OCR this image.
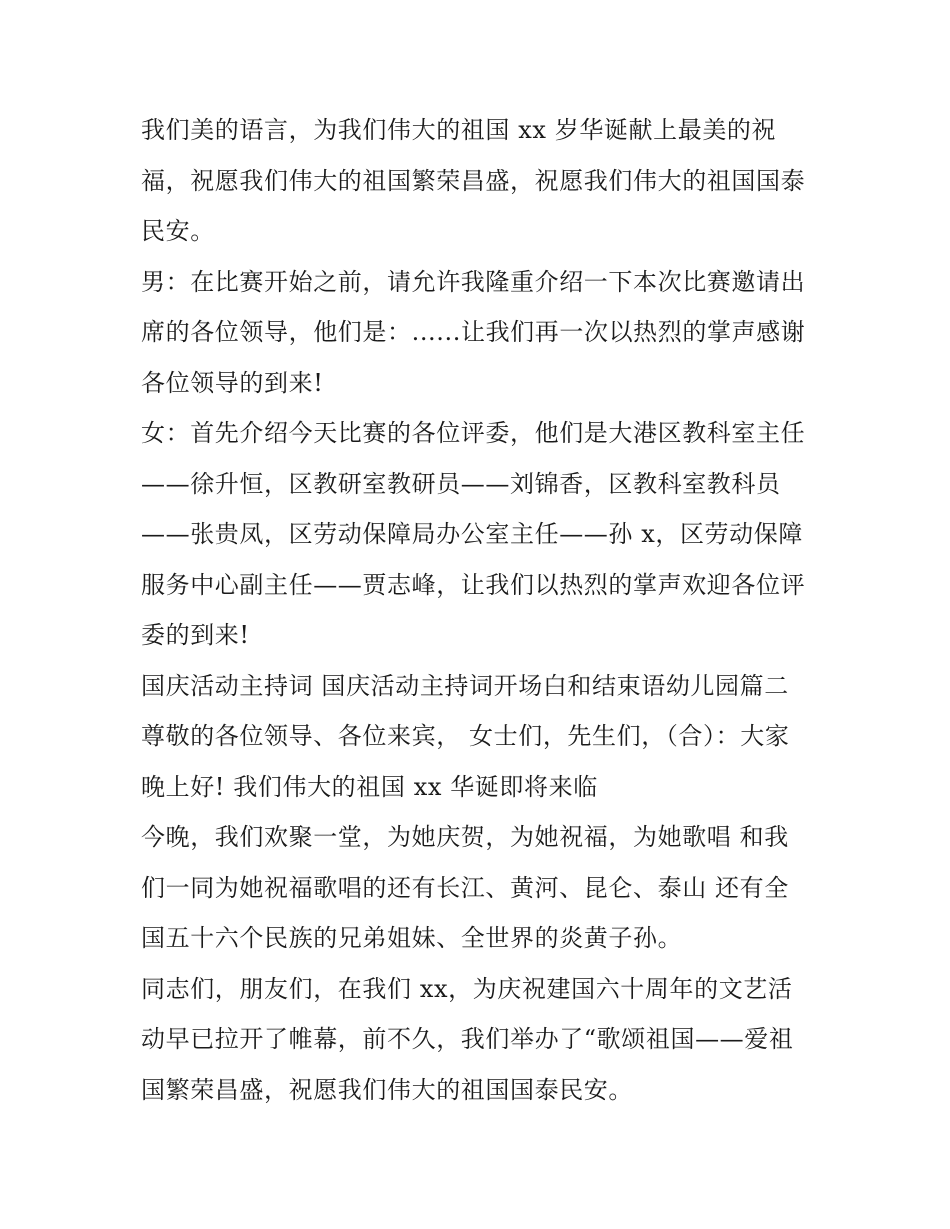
我们美的语言，为我们伟大的祖国 xx 岁华诞献上最美的祝
福，祝愿我们伟大的祖国繁荣昌盛，祝愿我们伟大的祖国国泰
民安。
男：在比赛开始之前，请允许我隆重介绍一下本次比赛邀请出
席的各位领导，他们是：......让我们再一次以热烈的掌声感谢
各位领导的到来!
女：首先介绍今天比赛的各位评委，他们是大港区教科室主任
——徐升恒，区教研室教研员——刘锦香，区教科室教科员
——张贵凤，区劳动保障局办公室主任——孙 x，区劳动保障
服务中心副主任——贾志峰，让我们以热烈的掌声欢迎各位评
委的到来!
国庆活动主持词 国庆活动主持词开场白和结束语幼儿园篇二
尊敬的各位领导、各位来宾， 女士们，先生们，（合）：大家
晚上好! 我们伟大的祖国 xx 华诞即将来临
今晚，我们欢聚一堂，为她庆贺，为她祝福，为她歌唱 和我
们一同为她祝福歌唱的还有长江、黄河、昆仑、泰山 还有全
国五十六个民族的兄弟姐妹、全世界的炎黄子孙。
同志们，朋友们，在我们 xx，为庆祝建国六十周年的文艺活
动早已拉开了帷幕，前不久，我们举办了“歌颂祖国——爱祖
国繁荣昌盛，祝愿我们伟大的祖国国泰民安。
